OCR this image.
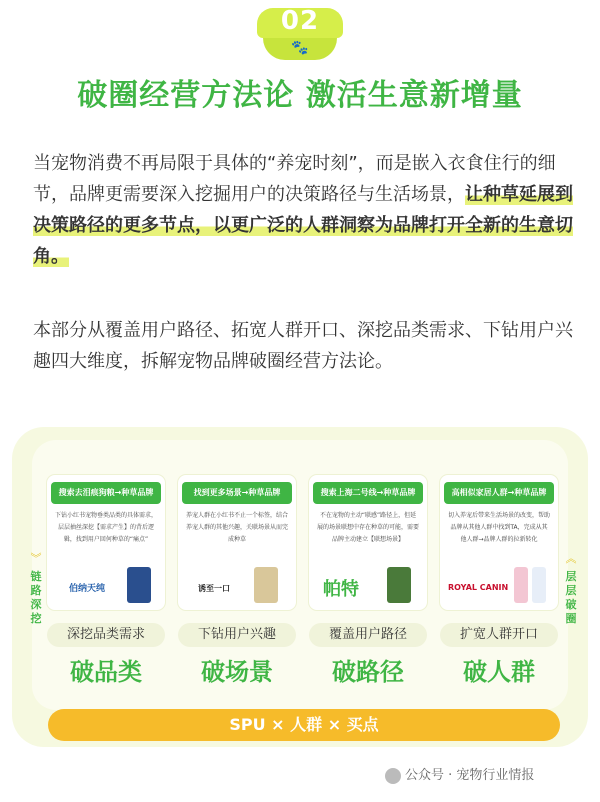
02
🐾
破圈经营方法论 激活生意新增量
当宠物消费不再局限于具体的“养宠时刻”，而是嵌入衣食住行的细节，品牌更需要深入挖掘用户的决策路径与生活场景，让种草延展到决策路径的更多节点，以更广泛的人群洞察为品牌打开全新的生意切角。
本部分从覆盖用户路径、拓宽人群开口、深挖品类需求、下钻用户兴趣四大维度，拆解宠物品牌破圈经营方法论。
︾
链路深挖
︽
层层破圈
搜索去泪痕狗粮→种草品牌
下钻小红书宠物垂类品类的具体需求，层层抽丝深挖【需求产生】的背后逻辑，找到用户回何种草的“痛点”
伯纳天纯
深挖品类需求
破品类
找到更多场景→种草品牌
养宠人群在小红书不止一个标签，结合养宠人群的其他兴趣，关联场景从而完成种草
诱至一口
下钻用户兴趣
破场景
搜索上海二号线→种草品牌
不在宠物的主动“联感”路径上，但延展的场景联想中存在种草的可能，需要品牌主动建立【联想场景】
帕特
覆盖用户路径
破路径
高相似家居人群→种草品牌
切入养宠后带来生活场景的改变，帮助品牌从其他人群中找到TA，完成从其他人群→品牌人群的拉新转化
ROYAL CANIN
扩宽人群开口
破人群
SPU × 人群 × 买点
公众号 · 宠物行业情报
